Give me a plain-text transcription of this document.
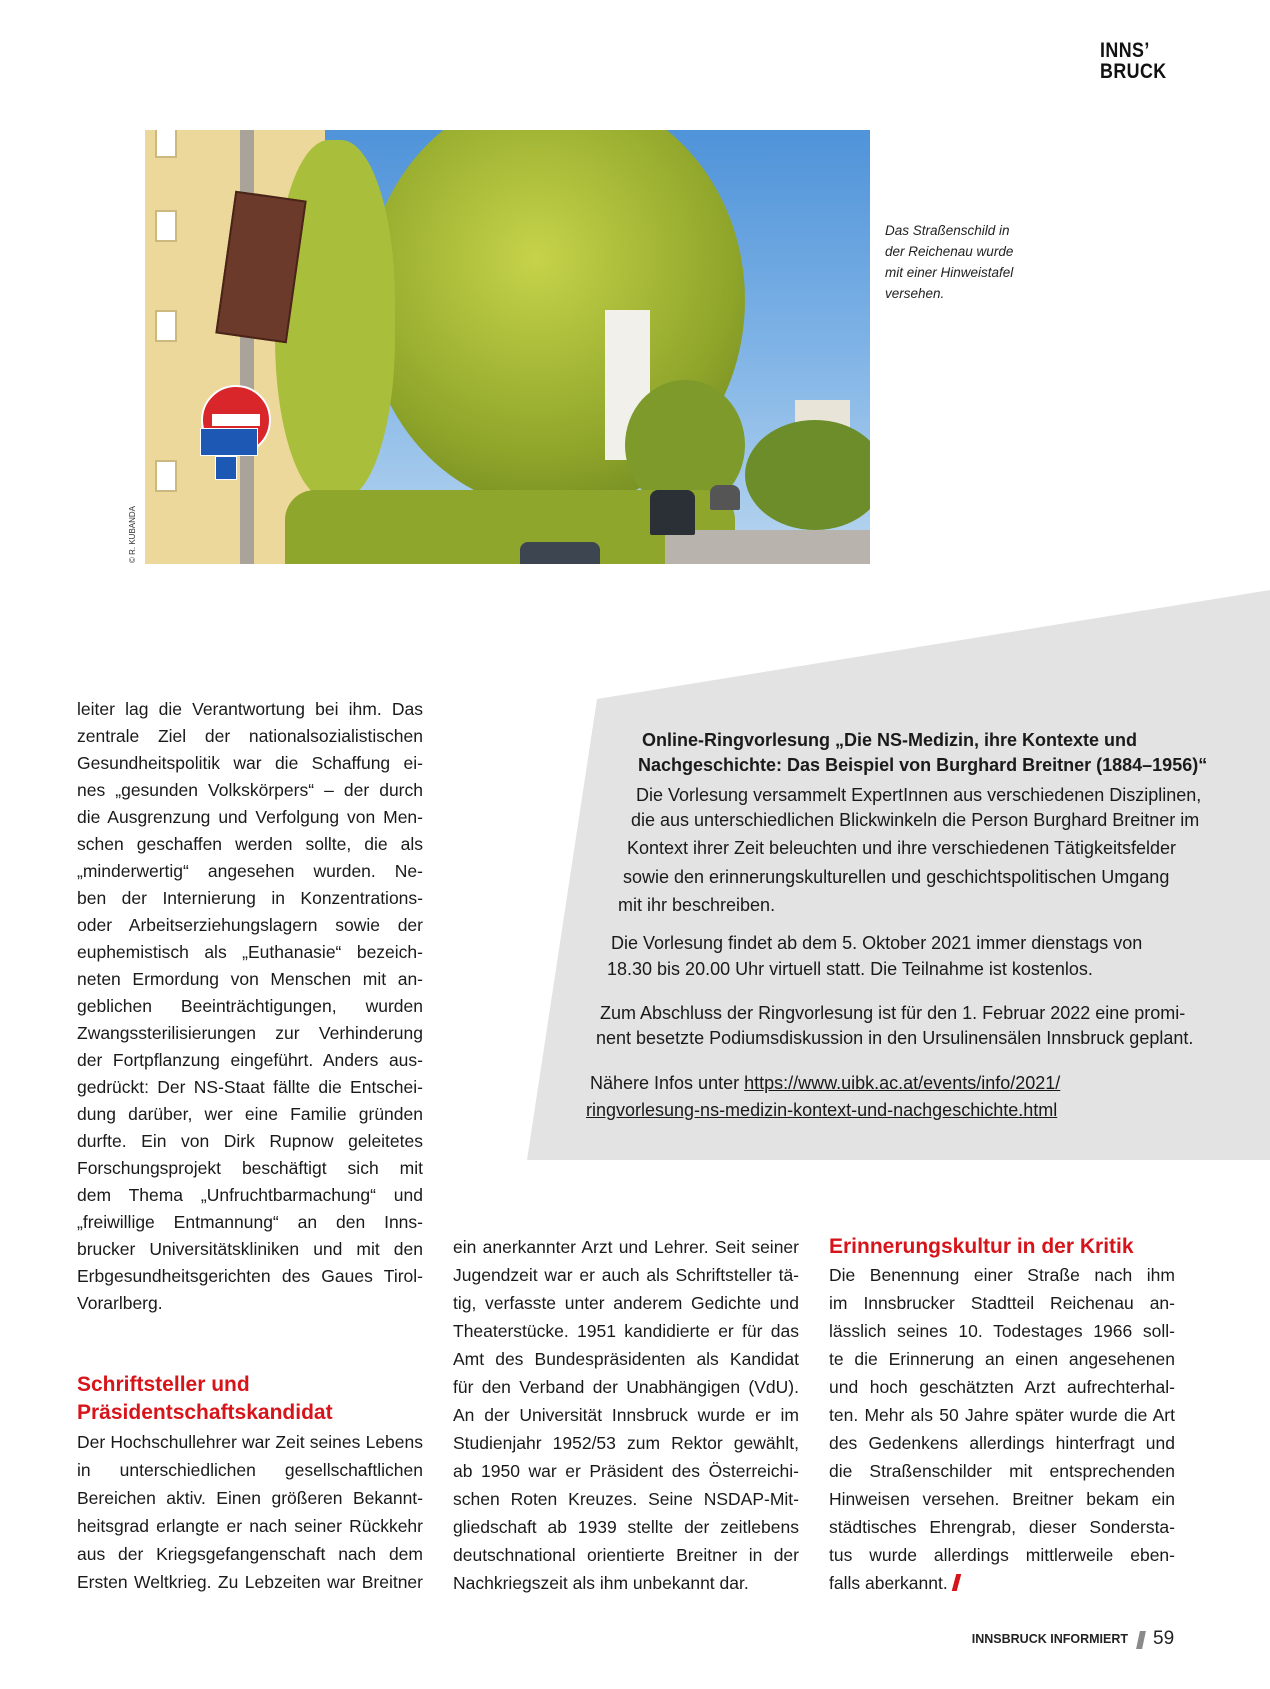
INNS’
BRUCK
© R. KUBANDA
Das Straßenschild in
der Reichenau wurde
mit einer Hinweistafel
versehen.
Online-Ringvorlesung „Die NS-Medizin, ihre Kontexte und
Nachgeschichte: Das Beispiel von Burghard Breitner (1884–1956)“
Die Vorlesung versammelt ExpertInnen aus verschiedenen Disziplinen,
die aus unterschiedlichen Blickwinkeln die Person Burghard Breitner im
Kontext ihrer Zeit beleuchten und ihre verschiedenen Tätigkeitsfelder
sowie den erinnerungskulturellen und geschichtspolitischen Umgang
mit ihr beschreiben.
Die Vorlesung findet ab dem 5. Oktober 2021 immer dienstags von
18.30 bis 20.00 Uhr virtuell statt. Die Teilnahme ist kostenlos.
Zum Abschluss der Ringvorlesung ist für den 1. Februar 2022 eine promi-
nent besetzte Podiumsdiskussion in den Ursulinensälen Innsbruck geplant.
Nähere Infos unter https://www.uibk.ac.at/events/info/2021/
ringvorlesung-ns-medizin-kontext-und-nachgeschichte.html
leiter lag die Verantwortung bei ihm. Das
zentrale Ziel der nationalsozialistischen
Gesundheitspolitik war die Schaffung ei-
nes „gesunden Volkskörpers“ – der durch
die Ausgrenzung und Verfolgung von Men-
schen geschaffen werden sollte, die als
„minderwertig“ angesehen wurden. Ne-
ben der Internierung in Konzentrations-
oder Arbeitserziehungslagern sowie der
euphemistisch als „Euthanasie“ bezeich-
neten Ermordung von Menschen mit an-
geblichen Beeinträchtigungen, wurden
Zwangssterilisierungen zur Verhinderung
der Fortpflanzung eingeführt. Anders aus-
gedrückt: Der NS-Staat fällte die Entschei-
dung darüber, wer eine Familie gründen
durfte. Ein von Dirk Rupnow geleitetes
Forschungsprojekt beschäftigt sich mit
dem Thema „Unfruchtbarmachung“ und
„freiwillige Entmannung“ an den Inns-
brucker Universitätskliniken und mit den
Erbgesundheitsgerichten des Gaues Tirol-
Vorarlberg.
Schriftsteller und
Präsidentschaftskandidat
Der Hochschullehrer war Zeit seines Lebens
in unterschiedlichen gesellschaftlichen
Bereichen aktiv. Einen größeren Bekannt-
heitsgrad erlangte er nach seiner Rückkehr
aus der Kriegsgefangenschaft nach dem
Ersten Weltkrieg. Zu Lebzeiten war Breitner
ein anerkannter Arzt und Lehrer. Seit seiner
Jugendzeit war er auch als Schriftsteller tä-
tig, verfasste unter anderem Gedichte und
Theaterstücke. 1951 kandidierte er für das
Amt des Bundespräsidenten als Kandidat
für den Verband der Unabhängigen (VdU).
An der Universität Innsbruck wurde er im
Studienjahr 1952/53 zum Rektor gewählt,
ab 1950 war er Präsident des Österreichi-
schen Roten Kreuzes. Seine NSDAP-Mit-
gliedschaft ab 1939 stellte der zeitlebens
deutschnational orientierte Breitner in der
Nachkriegszeit als ihm unbekannt dar.
Erinnerungskultur in der Kritik
Die Benennung einer Straße nach ihm
im Innsbrucker Stadtteil Reichenau an-
lässlich seines 10. Todestages 1966 soll-
te die Erinnerung an einen angesehenen
und hoch geschätzten Arzt aufrechterhal-
ten. Mehr als 50 Jahre später wurde die Art
des Gedenkens allerdings hinterfragt und
die Straßenschilder mit entsprechenden
Hinweisen versehen. Breitner bekam ein
städtisches Ehrengrab, dieser Sondersta-
tus wurde allerdings mittlerweile eben-
falls aberkannt.
INNSBRUCK INFORMIERT 59
